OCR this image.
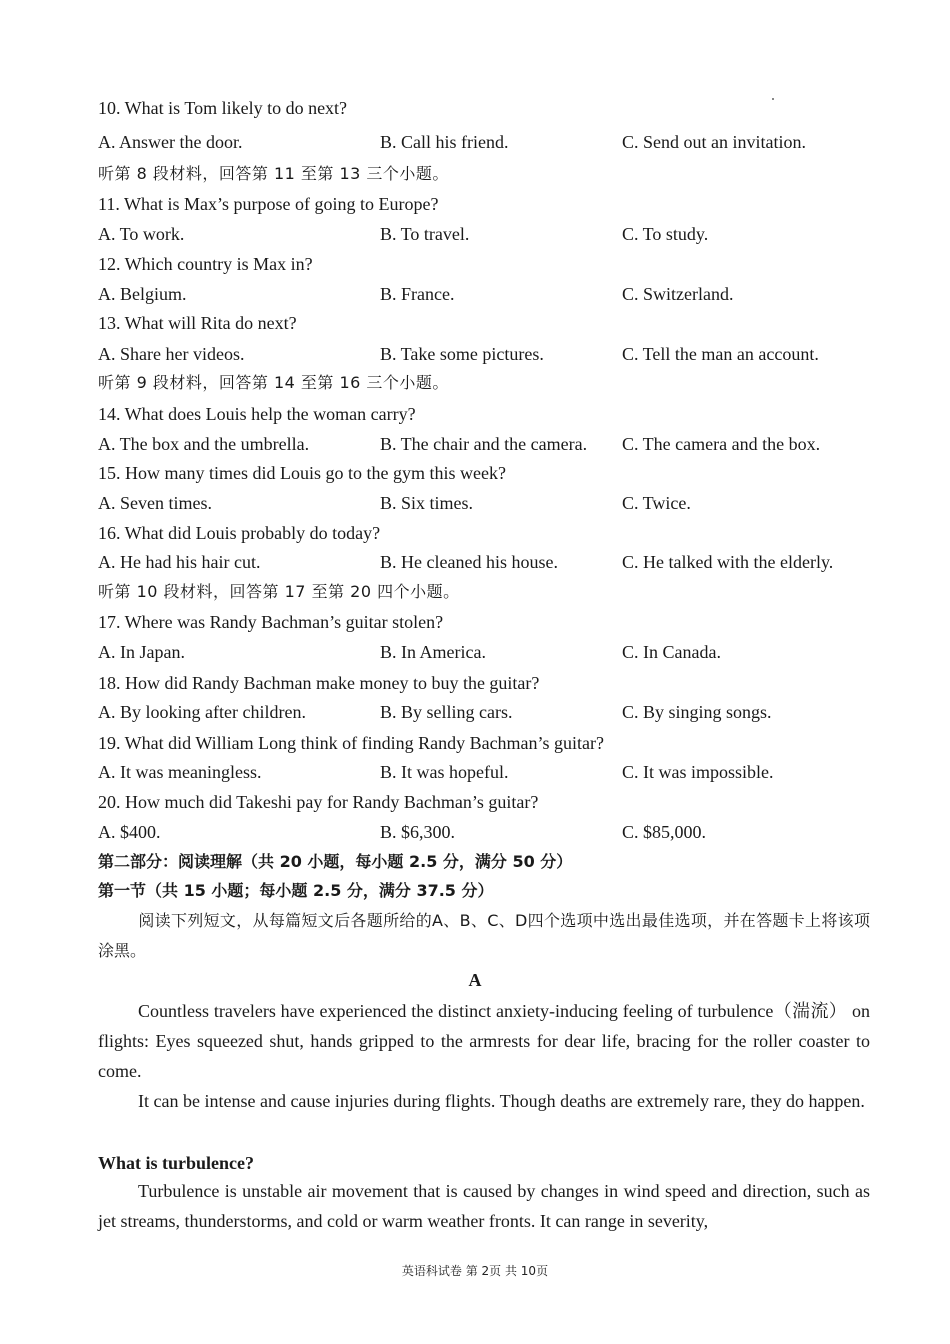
10. What is Tom likely to do next?
A. Answer the door.	B. Call his friend.	C. Send out an invitation.
听第 8 段材料，回答第 11 至第 13 三个小题。
11. What is Max’s purpose of going to Europe?
A. To work.	B. To travel.	C. To study.
12. Which country is Max in?
A. Belgium.	B. France.	C. Switzerland.
13. What will Rita do next?
A. Share her videos.	B. Take some pictures.	C. Tell the man an account.
听第 9 段材料，回答第 14 至第 16 三个小题。
14. What does Louis help the woman carry?
A. The box and the umbrella.	B. The chair and the camera. C. The camera and the box.
15. How many times did Louis go to the gym this week?
A. Seven times.	B. Six times.	C. Twice.
16. What did Louis probably do today?
A. He had his hair cut.	B. He cleaned his house.	C. He talked with the elderly.
听第 10 段材料，回答第 17 至第 20 四个小题。
17. Where was Randy Bachman’s guitar stolen?
A. In Japan.	B. In America.	C. In Canada.
18. How did Randy Bachman make money to buy the guitar?
A. By looking after children.	B. By selling cars.	C. By singing songs.
19. What did William Long think of finding Randy Bachman’s guitar?
A. It was meaningless.	B. It was hopeful.	C. It was impossible.
20. How much did Takeshi pay for Randy Bachman’s guitar?
A. $400.	B. $6,300.	C. $85,000.
第二部分：阅读理解（共 20 小题，每小题 2.5 分，满分 50 分）
第一节（共 15 小题；每小题 2.5 分，满分 37.5 分）
阅读下列短文，从每篇短文后各题所给的A、B、C、D四个选项中选出最佳选项，并在答题卡上将该项涂黑。
A
Countless travelers have experienced the distinct anxiety-inducing feeling of turbulence（湍流） on flights: Eyes squeezed shut, hands gripped to the armrests for dear life, bracing for the roller coaster to come.
It can be intense and cause injuries during flights. Though deaths are extremely rare, they do happen.
What is turbulence?
Turbulence is unstable air movement that is caused by changes in wind speed and direction, such as jet streams, thunderstorms, and cold or warm weather fronts. It can range in severity,
英语科试卷 第 2页 共 10页
